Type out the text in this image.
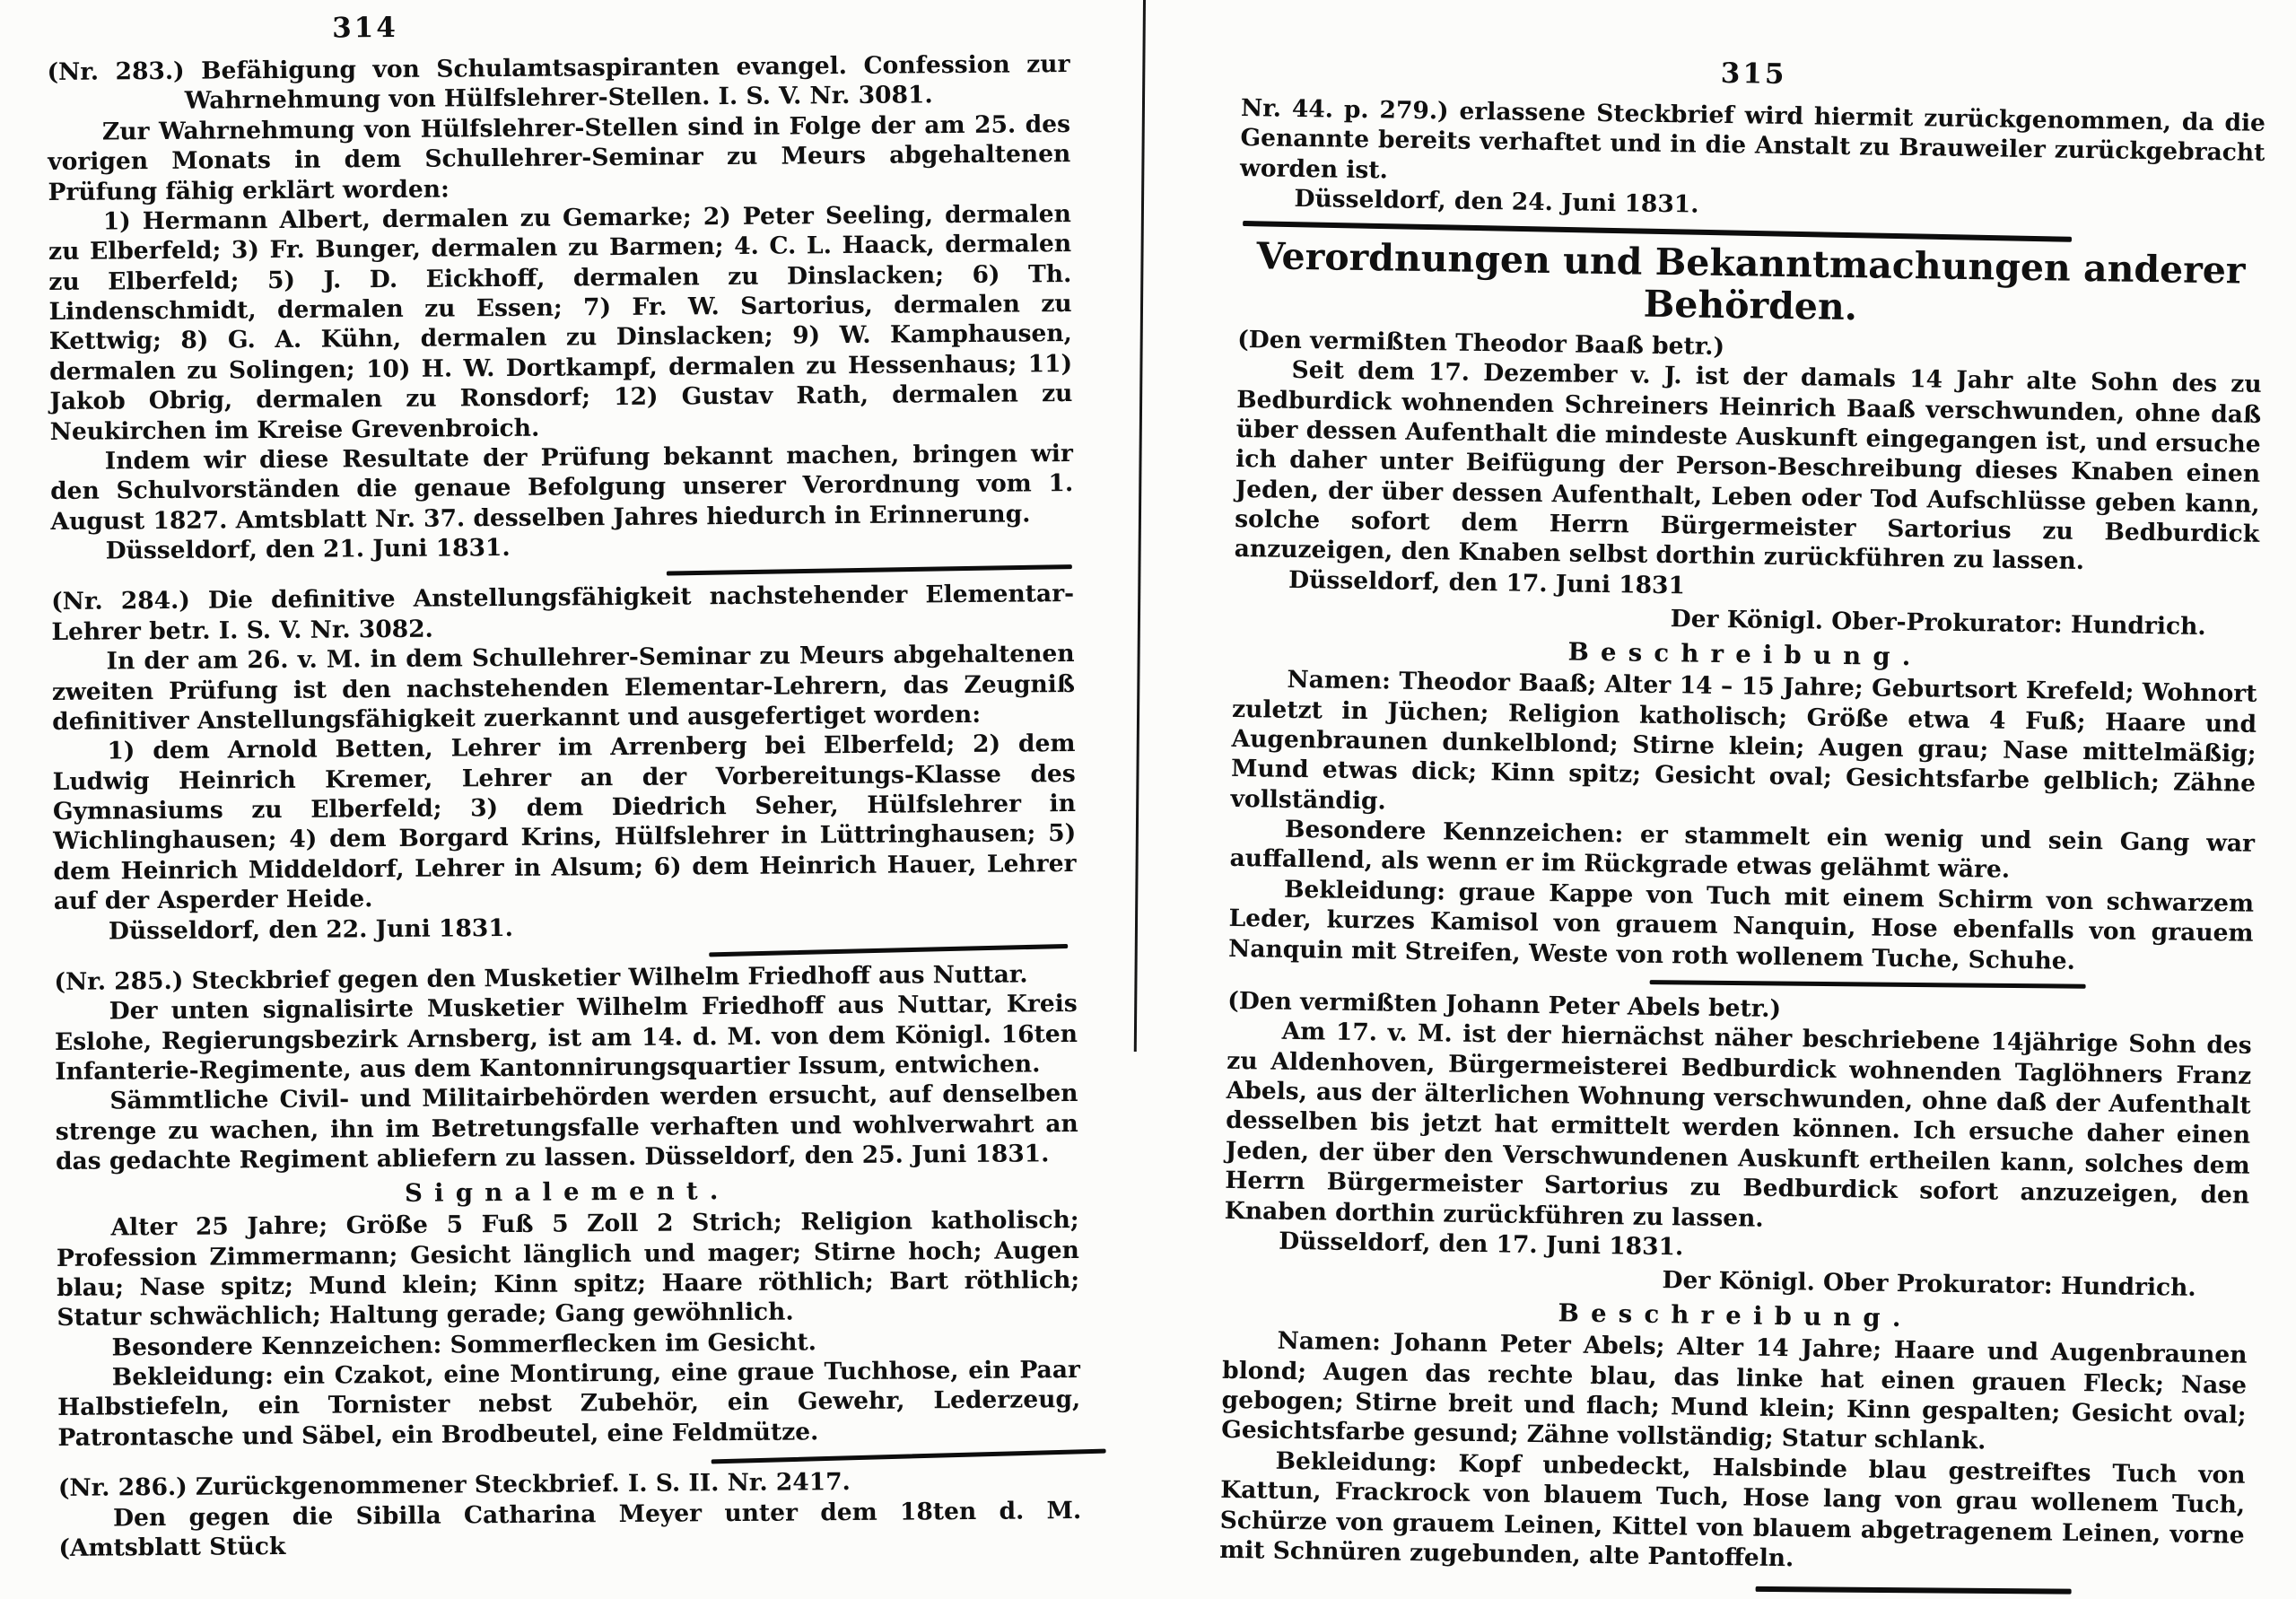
314

(Nr. 283.) Befähigung von Schulamtsaspiranten evangel. Confession zur Wahrnehmung von Hülfslehrer-Stellen. I. S. V. Nr. 3081.

Zur Wahrnehmung von Hülfslehrer-Stellen sind in Folge der am 25. des vorigen Monats in dem Schullehrer-Seminar zu Meurs abgehaltenen Prüfung fähig erklärt worden:

1) Hermann Albert, dermalen zu Gemarke; 2) Peter Seeling, dermalen zu Elberfeld; 3) Fr. Bunger, dermalen zu Barmen; 4. C. L. Haack, dermalen zu Elberfeld; 5) J. D. Eickhoff, dermalen zu Dinslacken; 6) Th. Lindenschmidt, dermalen zu Essen; 7) Fr. W. Sartorius, dermalen zu Kettwig; 8) G. A. Kühn, dermalen zu Dinslacken; 9) W. Kamphausen, dermalen zu Solingen; 10) H. W. Dortkampf, dermalen zu Hessenhaus; 11) Jakob Obrig, dermalen zu Ronsdorf; 12) Gustav Rath, dermalen zu Neukirchen im Kreise Grevenbroich.

Indem wir diese Resultate der Prüfung bekannt machen, bringen wir den Schulvorständen die genaue Befolgung unserer Verordnung vom 1. August 1827. Amtsblatt Nr. 37. desselben Jahres hiedurch in Erinnerung.

Düsseldorf, den 21. Juni 1831.

(Nr. 284.) Die definitive Anstellungsfähigkeit nachstehender Elementar-Lehrer betr. I. S. V. Nr. 3082.

In der am 26. v. M. in dem Schullehrer-Seminar zu Meurs abgehaltenen zweiten Prüfung ist den nachstehenden Elementar-Lehrern, das Zeugniß definitiver Anstellungsfähigkeit zuerkannt und ausgefertiget worden:

1) dem Arnold Betten, Lehrer im Arrenberg bei Elberfeld; 2) dem Ludwig Heinrich Kremer, Lehrer an der Vorbereitungs-Klasse des Gymnasiums zu Elberfeld; 3) dem Diedrich Seher, Hülfslehrer in Wichlinghausen; 4) dem Borgard Krins, Hülfslehrer in Lüttringhausen; 5) dem Heinrich Middeldorf, Lehrer in Alsum; 6) dem Heinrich Hauer, Lehrer auf der Asperder Heide.

Düsseldorf, den 22. Juni 1831.

(Nr. 285.) Steckbrief gegen den Musketier Wilhelm Friedhoff aus Nuttar.

Der unten signalisirte Musketier Wilhelm Friedhoff aus Nuttar, Kreis Eslohe, Regierungsbezirk Arnsberg, ist am 14. d. M. von dem Königl. 16ten Infanterie-Regimente, aus dem Kantonnirungsquartier Issum, entwichen.

Sämmtliche Civil- und Militairbehörden werden ersucht, auf denselben strenge zu wachen, ihn im Betretungsfalle verhaften und wohlverwahrt an das gedachte Regiment abliefern zu lassen. Düsseldorf, den 25. Juni 1831.

Signalement.

Alter 25 Jahre; Größe 5 Fuß 5 Zoll 2 Strich; Religion katholisch; Profession Zimmermann; Gesicht länglich und mager; Stirne hoch; Augen blau; Nase spitz; Mund klein; Kinn spitz; Haare röthlich; Bart röthlich; Statur schwächlich; Haltung gerade; Gang gewöhnlich.

Besondere Kennzeichen: Sommerflecken im Gesicht.

Bekleidung: ein Czakot, eine Montirung, eine graue Tuchhose, ein Paar Halbstiefeln, ein Tornister nebst Zubehör, ein Gewehr, Lederzeug, Patrontasche und Säbel, ein Brodbeutel, eine Feldmütze.

(Nr. 286.) Zurückgenommener Steckbrief. I. S. II. Nr. 2417.

Den gegen die Sibilla Catharina Meyer unter dem 18ten d. M. (Amtsblatt Stück

315

Nr. 44. p. 279.) erlassene Steckbrief wird hiermit zurückgenommen, da die Genannte bereits verhaftet und in die Anstalt zu Brauweiler zurückgebracht worden ist.

Düsseldorf, den 24. Juni 1831.

Verordnungen und Bekanntmachungen anderer Behörden.

(Den vermißten Theodor Baaß betr.)

Seit dem 17. Dezember v. J. ist der damals 14 Jahr alte Sohn des zu Bedburdick wohnenden Schreiners Heinrich Baaß verschwunden, ohne daß über dessen Aufenthalt die mindeste Auskunft eingegangen ist, und ersuche ich daher unter Beifügung der Person-Beschreibung dieses Knaben einen Jeden, der über dessen Aufenthalt, Leben oder Tod Aufschlüsse geben kann, solche sofort dem Herrn Bürgermeister Sartorius zu Bedburdick anzuzeigen, den Knaben selbst dorthin zurückführen zu lassen.

Düsseldorf, den 17. Juni 1831

Der Königl. Ober-Prokurator: Hundrich.

Beschreibung.

Namen: Theodor Baaß; Alter 14 – 15 Jahre; Geburtsort Krefeld; Wohnort zuletzt in Jüchen; Religion katholisch; Größe etwa 4 Fuß; Haare und Augenbraunen dunkelblond; Stirne klein; Augen grau; Nase mittelmäßig; Mund etwas dick; Kinn spitz; Gesicht oval; Gesichtsfarbe gelblich; Zähne vollständig.

Besondere Kennzeichen: er stammelt ein wenig und sein Gang war auffallend, als wenn er im Rückgrade etwas gelähmt wäre.

Bekleidung: graue Kappe von Tuch mit einem Schirm von schwarzem Leder, kurzes Kamisol von grauem Nanquin, Hose ebenfalls von grauem Nanquin mit Streifen, Weste von roth wollenem Tuche, Schuhe.

(Den vermißten Johann Peter Abels betr.)

Am 17. v. M. ist der hiernächst näher beschriebene 14jährige Sohn des zu Aldenhoven, Bürgermeisterei Bedburdick wohnenden Taglöhners Franz Abels, aus der älterlichen Wohnung verschwunden, ohne daß der Aufenthalt desselben bis jetzt hat ermittelt werden können. Ich ersuche daher einen Jeden, der über den Verschwundenen Auskunft ertheilen kann, solches dem Herrn Bürgermeister Sartorius zu Bedburdick sofort anzuzeigen, den Knaben dorthin zurückführen zu lassen.

Düsseldorf, den 17. Juni 1831.

Der Königl. Ober Prokurator: Hundrich.

Beschreibung.

Namen: Johann Peter Abels; Alter 14 Jahre; Haare und Augenbraunen blond; Augen das rechte blau, das linke hat einen grauen Fleck; Nase gebogen; Stirne breit und flach; Mund klein; Kinn gespalten; Gesicht oval; Gesichtsfarbe gesund; Zähne vollständig; Statur schlank.

Bekleidung: Kopf unbedeckt, Halsbinde blau gestreiftes Tuch von Kattun, Frackrock von blauem Tuch, Hose lang von grau wollenem Tuch, Schürze von grauem Leinen, Kittel von blauem abgetragenem Leinen, vorne mit Schnüren zugebunden, alte Pantoffeln.
